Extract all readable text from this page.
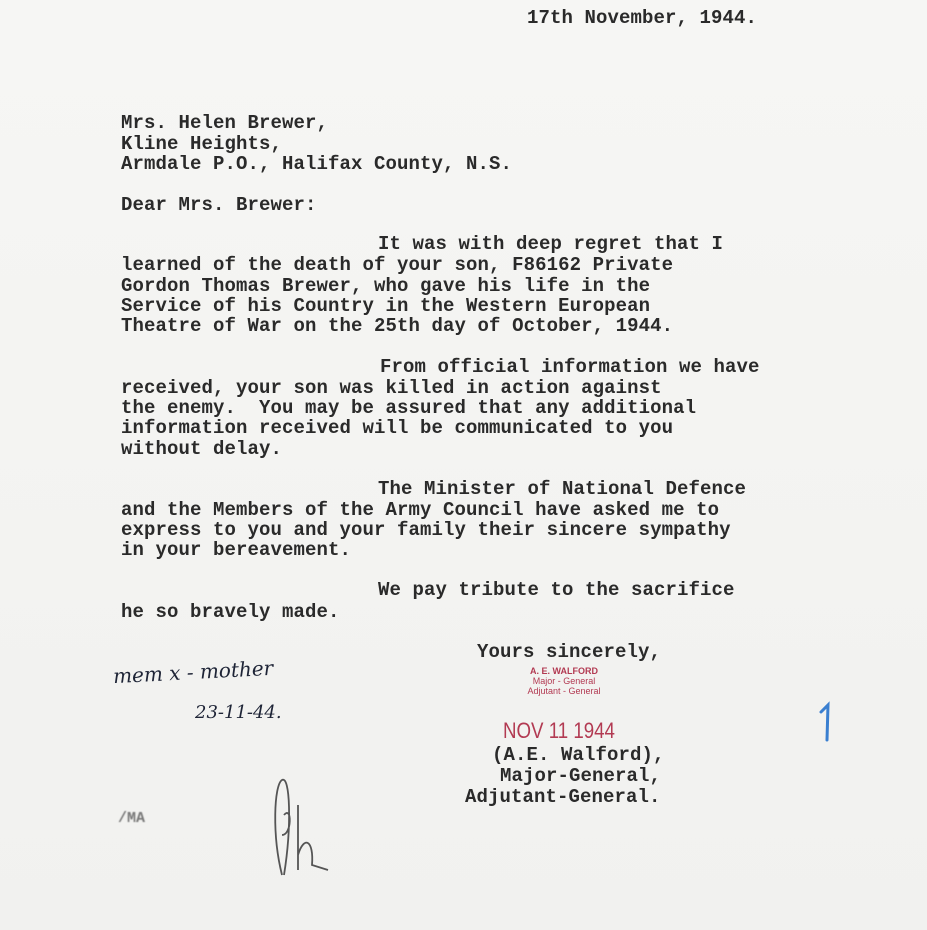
17th November, 1944.
Mrs. Helen Brewer,
Kline Heights,
Armdale P.O., Halifax County, N.S.
Dear Mrs. Brewer:
It was with deep regret that I
learned of the death of your son, F86162 Private
Gordon Thomas Brewer, who gave his life in the
Service of his Country in the Western European
Theatre of War on the 25th day of October, 1944.
From official information we have
received, your son was killed in action against
the enemy.  You may be assured that any additional
information received will be communicated to you
without delay.
The Minister of National Defence
and the Members of the Army Council have asked me to
express to you and your family their sincere sympathy
in your bereavement.
We pay tribute to the sacrifice
he so bravely made.
Yours sincerely,
A. E. WALFORD
Major - General
Adjutant - General
NOV 11 1944
(A.E. Walford),
Major-General,
Adjutant-General.
/MA
mem x - mother
23-11-44.
